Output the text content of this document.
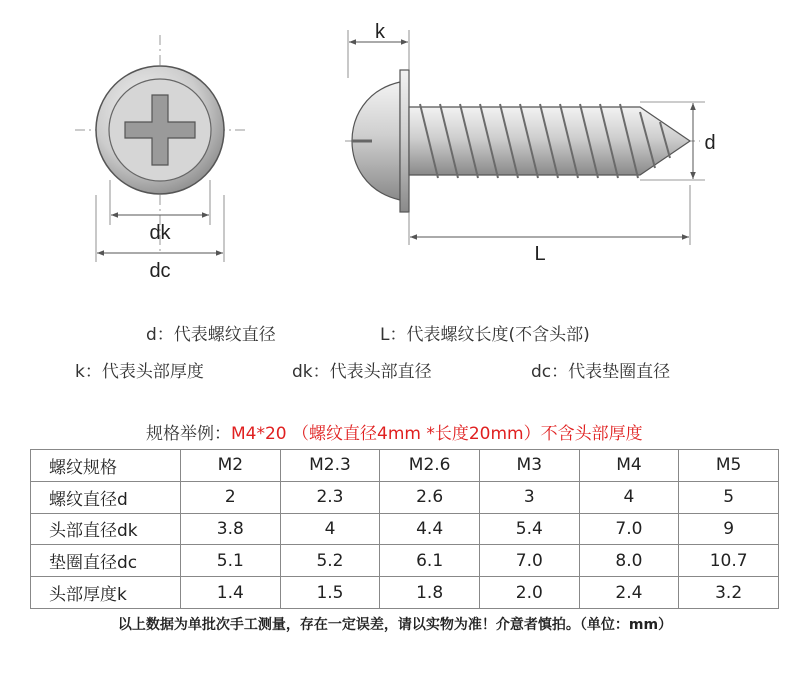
dk
dc
k
d
L
d：代表螺纹直径	L：代表螺纹长度(不含头部)
k：代表头部厚度	dk：代表头部直径	dc：代表垫圈直径
规格举例：M4*20 （螺纹直径4mm *长度20mm）不含头部厚度
螺纹规格	M2	M2.3	M2.6	M3	M4	M5
螺纹直径d	2	2.3	2.6	3	4	5
头部直径dk	3.8	4	4.4	5.4	7.0	9
垫圈直径dc	5.1	5.2	6.1	7.0	8.0	10.7
头部厚度k	1.4	1.5	1.8	2.0	2.4	3.2
以上数据为单批次手工测量，存在一定误差，请以实物为准！介意者慎拍。（单位：mm）
